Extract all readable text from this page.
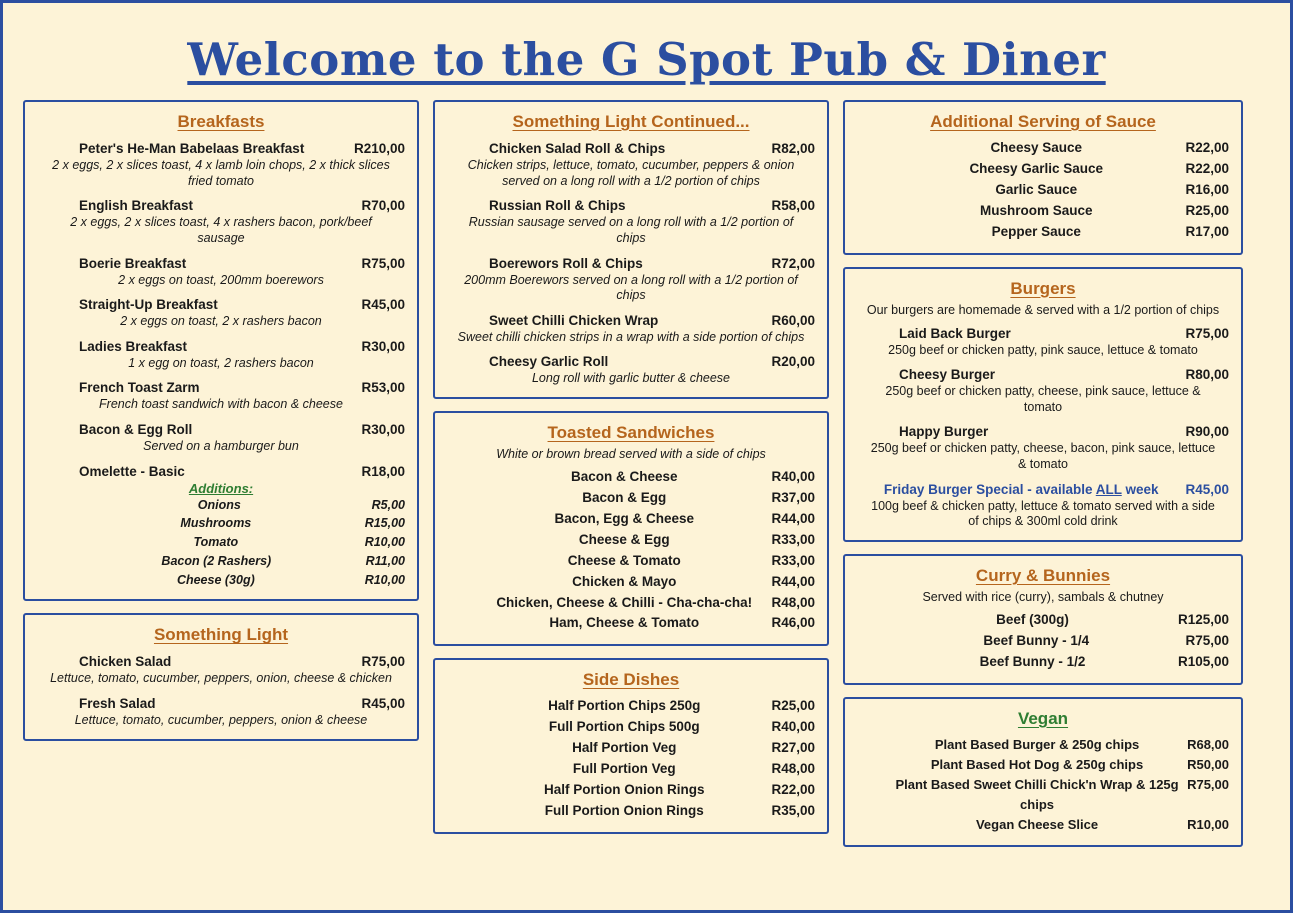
Welcome to the G Spot Pub & Diner
Breakfasts
Peter's He-Man Babelaas Breakfast	R210,00
2 x eggs, 2 x slices toast, 4 x lamb loin chops, 2 x thick slices fried tomato
English Breakfast	R70,00
2 x eggs, 2 x slices toast, 4 x rashers bacon, pork/beef sausage
Boerie Breakfast	R75,00
2 x eggs on toast, 200mm boerewors
Straight-Up Breakfast	R45,00
2 x eggs on toast, 2 x rashers bacon
Ladies Breakfast	R30,00
1 x egg on toast, 2 rashers bacon
French Toast Zarm	R53,00
French toast sandwich with bacon & cheese
Bacon & Egg Roll	R30,00
Served on a hamburger bun
Omelette - Basic	R18,00
Additions:
Onions	R5,00
Mushrooms	R15,00
Tomato	R10,00
Bacon (2 Rashers)	R11,00
Cheese (30g)	R10,00
Something Light
Chicken Salad	R75,00
Lettuce, tomato, cucumber, peppers, onion, cheese & chicken
Fresh Salad	R45,00
Lettuce, tomato, cucumber, peppers, onion & cheese
Something Light Continued...
Chicken Salad Roll & Chips	R82,00
Chicken strips, lettuce, tomato, cucumber, peppers & onion served on a long roll with a 1/2 portion of chips
Russian Roll & Chips	R58,00
Russian sausage served on a long roll with a 1/2 portion of chips
Boerewors Roll & Chips	R72,00
200mm Boerewors served on a long roll with a 1/2 portion of chips
Sweet Chilli Chicken Wrap	R60,00
Sweet chilli chicken strips in a wrap with a side portion of chips
Cheesy Garlic Roll	R20,00
Long roll with garlic butter & cheese
Toasted Sandwiches
White or brown bread served with a side of chips
Bacon & Cheese	R40,00
Bacon & Egg	R37,00
Bacon, Egg & Cheese	R44,00
Cheese & Egg	R33,00
Cheese & Tomato	R33,00
Chicken & Mayo	R44,00
Chicken, Cheese & Chilli - Cha-cha-cha!	R48,00
Ham, Cheese & Tomato	R46,00
Side Dishes
Half Portion Chips 250g	R25,00
Full Portion Chips 500g	R40,00
Half Portion Veg	R27,00
Full Portion Veg	R48,00
Half Portion Onion Rings	R22,00
Full Portion Onion Rings	R35,00
Additional Serving of Sauce
Cheesy Sauce	R22,00
Cheesy Garlic Sauce	R22,00
Garlic Sauce	R16,00
Mushroom Sauce	R25,00
Pepper Sauce	R17,00
Burgers
Our burgers are homemade & served with a 1/2 portion of chips
Laid Back Burger	R75,00
250g beef or chicken patty, pink sauce, lettuce & tomato
Cheesy Burger	R80,00
250g beef or chicken patty, cheese, pink sauce, lettuce & tomato
Happy Burger	R90,00
250g beef or chicken patty, cheese, bacon, pink sauce, lettuce & tomato
Friday Burger Special - available ALL week	R45,00
100g beef & chicken patty, lettuce & tomato served with a side of chips & 300ml cold drink
Curry & Bunnies
Served with rice (curry), sambals & chutney
Beef (300g)	R125,00
Beef Bunny - 1/4	R75,00
Beef Bunny - 1/2	R105,00
Vegan
Plant Based Burger & 250g chips	R68,00
Plant Based Hot Dog & 250g chips	R50,00
Plant Based Sweet Chilli Chick'n Wrap & 125g chips
R75,00
Vegan Cheese Slice	R10,00
